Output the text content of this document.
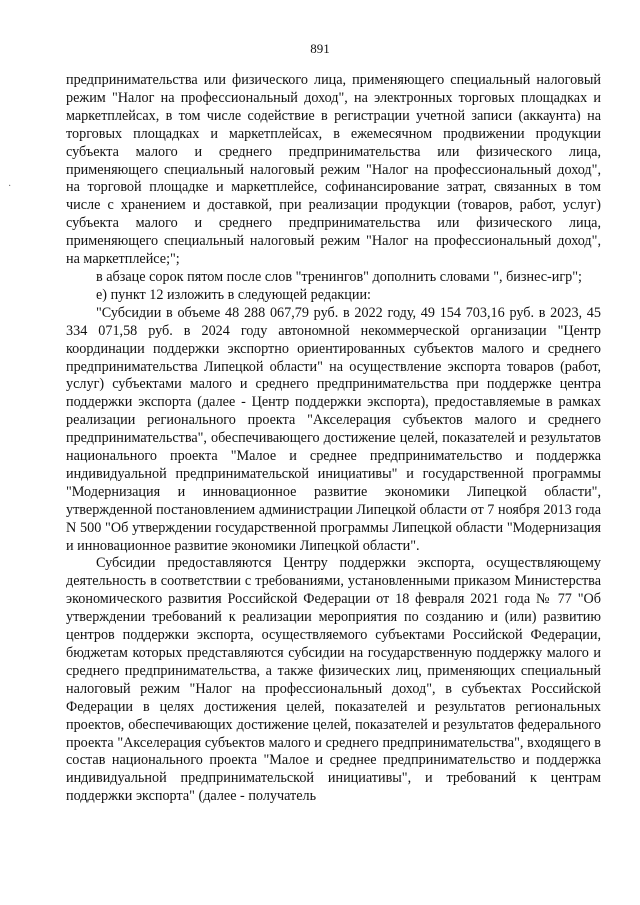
891
·

предпринимательства или физического лица, применяющего специальный налоговый режим "Налог на профессиональный доход", на электронных торговых площадках и маркетплейсах, в том числе содействие в регистрации учетной записи (аккаунта) на торговых площадках и маркетплейсах, в ежемесячном продвижении продукции субъекта малого и среднего предпринимательства или физического лица, применяющего специальный налоговый режим "Налог на профессиональный доход", на торговой площадке и маркетплейсе, софинансирование затрат, связанных в том числе с хранением и доставкой, при реализации продукции (товаров, работ, услуг) субъекта малого и среднего предпринимательства или физического лица, применяющего специальный налоговый режим "Налог на профессиональный доход", на маркетплейсе;";

в абзаце сорок пятом после слов "тренингов" дополнить словами ", бизнес-игр";

е) пункт 12 изложить в следующей редакции:

"Субсидии в объеме 48 288 067,79 руб. в 2022 году, 49 154 703,16 руб. в 2023, 45 334 071,58 руб. в 2024 году автономной некоммерческой организации "Центр координации поддержки экспортно ориентированных субъектов малого и среднего предпринимательства Липецкой области" на осуществление экспорта товаров (работ, услуг) субъектами малого и среднего предпринимательства при поддержке центра поддержки экспорта (далее - Центр поддержки экспорта), предоставляемые в рамках реализации регионального проекта "Акселерация субъектов малого и среднего предпринимательства", обеспечивающего достижение целей, показателей и результатов национального проекта "Малое и среднее предпринимательство и поддержка индивидуальной предпринимательской инициативы" и государственной программы "Модернизация и инновационное развитие экономики Липецкой области", утвержденной постановлением администрации Липецкой области от 7 ноября 2013 года N 500 "Об утверждении государственной программы Липецкой области "Модернизация и инновационное развитие экономики Липецкой области".

Субсидии предоставляются Центру поддержки экспорта, осуществляющему деятельность в соответствии с требованиями, установленными приказом Министерства экономического развития Российской Федерации от 18 февраля 2021 года № 77 "Об утверждении требований к реализации мероприятия по созданию и (или) развитию центров поддержки экспорта, осуществляемого субъектами Российской Федерации, бюджетам которых представляются субсидии на государственную поддержку малого и среднего предпринимательства, а также физических лиц, применяющих специальный налоговый режим "Налог на профессиональный доход", в субъектах Российской Федерации в целях достижения целей, показателей и результатов региональных проектов, обеспечивающих достижение целей, показателей и результатов федерального проекта "Акселерация субъектов малого и среднего предпринимательства", входящего в состав национального проекта "Малое и среднее предпринимательство и поддержка индивидуальной предпринимательской инициативы", и требований к центрам поддержки экспорта" (далее - получатель
